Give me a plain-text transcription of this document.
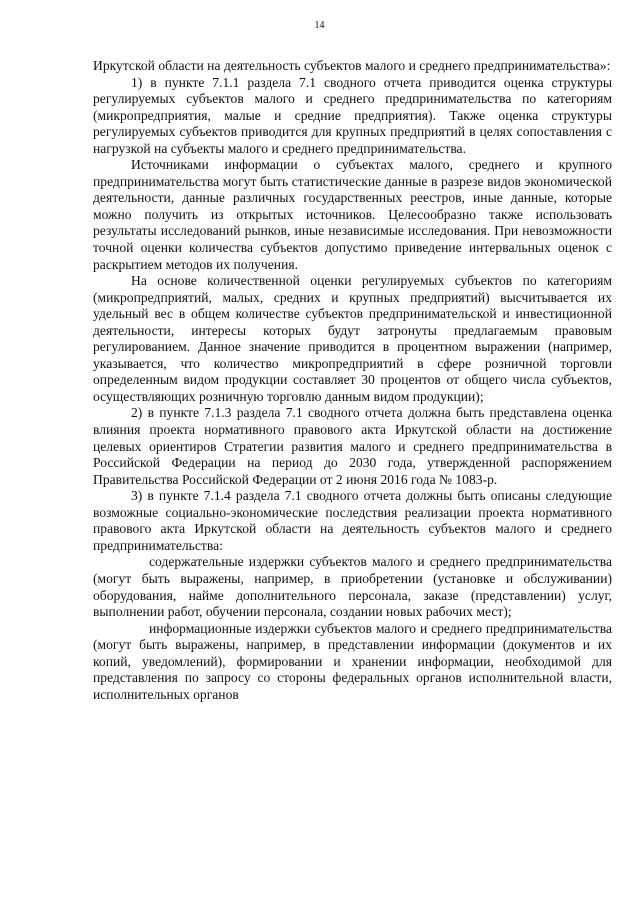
14

Иркутской области на деятельность субъектов малого и среднего предпринимательства»:

1) в пункте 7.1.1 раздела 7.1 сводного отчета приводится оценка структуры регулируемых субъектов малого и среднего предпринимательства по категориям (микропредприятия, малые и средние предприятия). Также оценка структуры регулируемых субъектов приводится для крупных предприятий в целях сопоставления с нагрузкой на субъекты малого и среднего предпринимательства.

Источниками информации о субъектах малого, среднего и крупного предпринимательства могут быть статистические данные в разрезе видов экономической деятельности, данные различных государственных реестров, иные данные, которые можно получить из открытых источников. Целесообразно также использовать результаты исследований рынков, иные независимые исследования. При невозможности точной оценки количества субъектов допустимо приведение интервальных оценок с раскрытием методов их получения.

На основе количественной оценки регулируемых субъектов по категориям (микропредприятий, малых, средних и крупных предприятий) высчитывается их удельный вес в общем количестве субъектов предпринимательской и инвестиционной деятельности, интересы которых будут затронуты предлагаемым правовым регулированием. Данное значение приводится в процентном выражении (например, указывается, что количество микропредприятий в сфере розничной торговли определенным видом продукции составляет 30 процентов от общего числа субъектов, осуществляющих розничную торговлю данным видом продукции);

2) в пункте 7.1.3 раздела 7.1 сводного отчета должна быть представлена оценка влияния проекта нормативного правового акта Иркутской области на достижение целевых ориентиров Стратегии развития малого и среднего предпринимательства в Российской Федерации на период до 2030 года, утвержденной распоряжением Правительства Российской Федерации от 2 июня 2016 года № 1083-р.

3) в пункте 7.1.4 раздела 7.1 сводного отчета должны быть описаны следующие возможные социально-экономические последствия реализации проекта нормативного правового акта Иркутской области на деятельность субъектов малого и среднего предпринимательства:

содержательные издержки субъектов малого и среднего предпринимательства (могут быть выражены, например, в приобретении (установке и обслуживании) оборудования, найме дополнительного персонала, заказе (представлении) услуг, выполнении работ, обучении персонала, создании новых рабочих мест);

информационные издержки субъектов малого и среднего предпринимательства (могут быть выражены, например, в представлении информации (документов и их копий, уведомлений), формировании и хранении информации, необходимой для представления по запросу со стороны федеральных органов исполнительной власти, исполнительных органов
